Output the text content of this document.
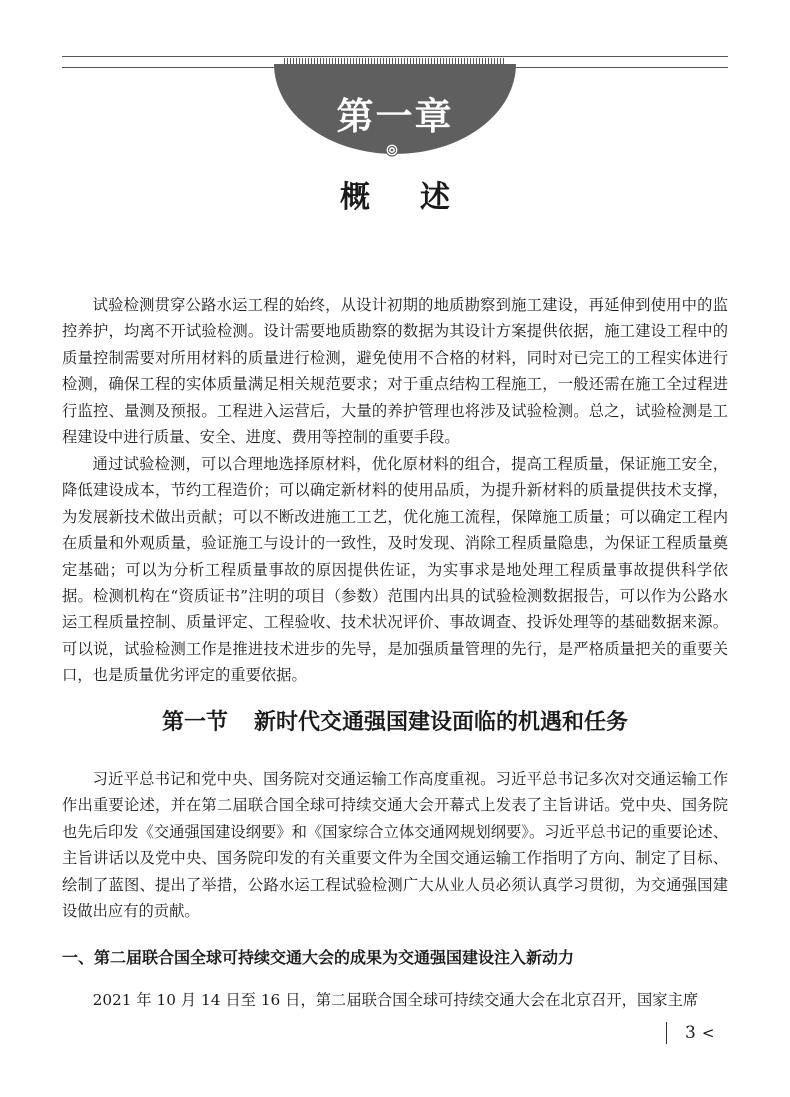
第一章
概述

试验检测贯穿公路水运工程的始终，从设计初期的地质勘察到施工建设，再延伸到使用中的监控养护，均离不开试验检测。设计需要地质勘察的数据为其设计方案提供依据，施工建设工程中的质量控制需要对所用材料的质量进行检测，避免使用不合格的材料，同时对已完工的工程实体进行检测，确保工程的实体质量满足相关规范要求；对于重点结构工程施工，一般还需在施工全过程进行监控、量测及预报。工程进入运营后，大量的养护管理也将涉及试验检测。总之，试验检测是工程建设中进行质量、安全、进度、费用等控制的重要手段。

通过试验检测，可以合理地选择原材料，优化原材料的组合，提高工程质量，保证施工安全，降低建设成本，节约工程造价；可以确定新材料的使用品质，为提升新材料的质量提供技术支撑，为发展新技术做出贡献；可以不断改进施工工艺，优化施工流程，保障施工质量；可以确定工程内在质量和外观质量，验证施工与设计的一致性，及时发现、消除工程质量隐患，为保证工程质量奠定基础；可以为分析工程质量事故的原因提供佐证，为实事求是地处理工程质量事故提供科学依据。检测机构在“资质证书”注明的项目（参数）范围内出具的试验检测数据报告，可以作为公路水运工程质量控制、质量评定、工程验收、技术状况评价、事故调查、投诉处理等的基础数据来源。可以说，试验检测工作是推进技术进步的先导，是加强质量管理的先行，是严格质量把关的重要关口，也是质量优劣评定的重要依据。

第一节 新时代交通强国建设面临的机遇和任务

习近平总书记和党中央、国务院对交通运输工作高度重视。习近平总书记多次对交通运输工作作出重要论述，并在第二届联合国全球可持续交通大会开幕式上发表了主旨讲话。党中央、国务院也先后印发《交通强国建设纲要》和《国家综合立体交通网规划纲要》。习近平总书记的重要论述、主旨讲话以及党中央、国务院印发的有关重要文件为全国交通运输工作指明了方向、制定了目标、绘制了蓝图、提出了举措，公路水运工程试验检测广大从业人员必须认真学习贯彻，为交通强国建设做出应有的贡献。

一、第二届联合国全球可持续交通大会的成果为交通强国建设注入新动力

2021 年 10 月 14 日至 16 日，第二届联合国全球可持续交通大会在北京召开，国家主席

3 <
